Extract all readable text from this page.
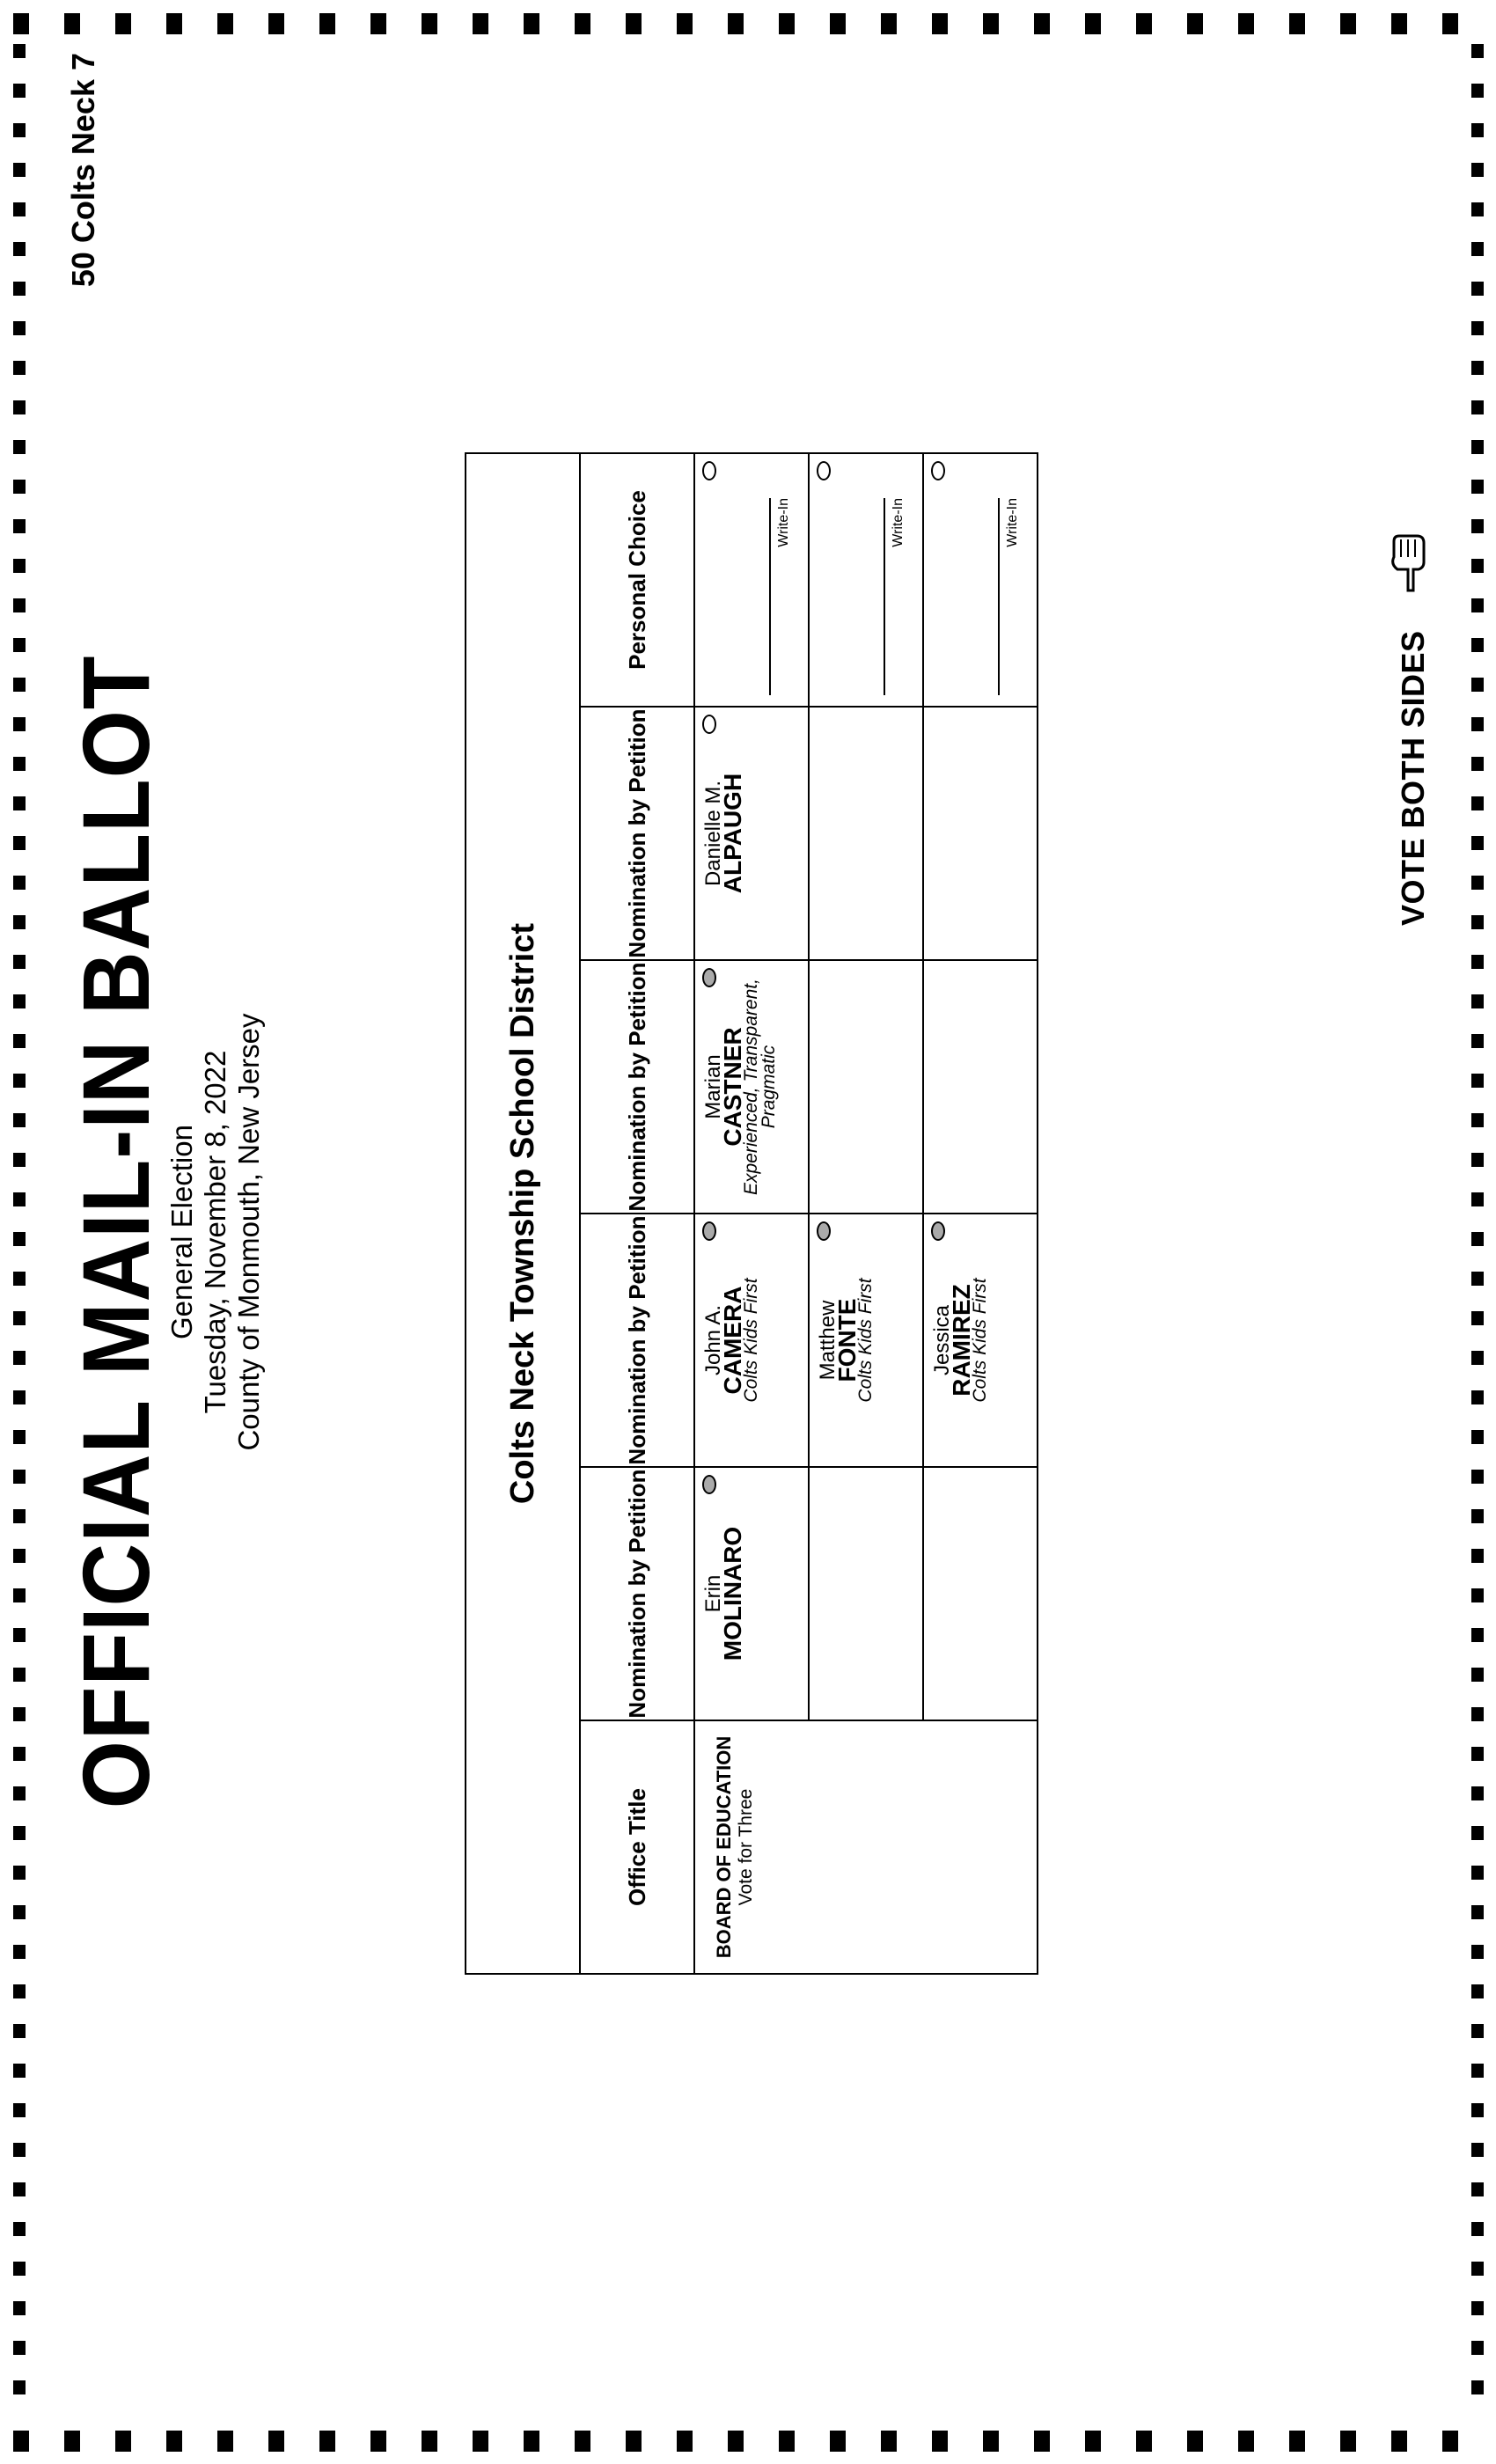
OFFICIAL MAIL-IN BALLOT
General Election Tuesday, November 8, 2022 County of Monmouth, New Jersey
50 Colts Neck 7
Colts Neck Township School District					
Office Title	Nomination by Petition	Nomination by Petition	Nomination by Petition	Nomination by Petition	Personal Choice

BOARD OF EDUCATION Vote for Three	Erin
MOLINARO	John A.
CAMERA
Colts Kids First	Marian
CASTNER
Experienced, Transparent, Pragmatic	Danielle M.
ALPAUGH	Write-In

		Matthew
FONTE
Colts Kids First			Write-In

		Jessica
RAMIREZ
Colts Kids First			Write-In
VOTE BOTH SIDES
